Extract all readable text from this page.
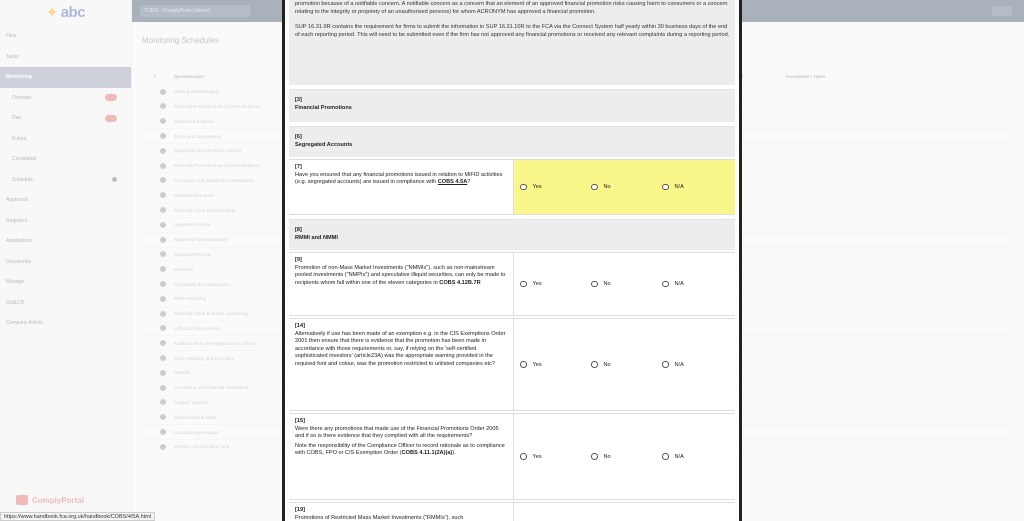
promotion because of a notifiable concern. A notifiable concern as a concern that an element of an approved financial promotion risks causing harm to consumers or a concern relating to the integrity or propriety of an unauthorised persons) for whom ACRONYM has approved a financial promotion.

SUP 16.31.9R contains the requirement for firms to submit the information in SUP 16.31.10R to the FCA via the Connect System half yearly within 30 business days of the end of each reporting period. This will need to be submitted even if the firm has not approved any financial promotions or received any relevant complaints during a reporting period.

[3]
Financial Promotions
[6]
Segregated Accounts
[7]
Have you ensured that any financial promotions issued in relation to MiFID activities (e.g. segregated accounts) are issued in compliance with COBS 4.5A?
Yes	No	N/A
[8]
RMMI and NMMI
[9]
Promotion of non-Mass Market Investments ("NMMIs"), such as non-mainstream pooled investments ("NMPIs") and speculative illiquid securities, can only be made to recipients whom fall within one of the eleven categories in COBS 4.12B.7R	Yes	No	N/A
[14]
Alternatively if use has been made of an exemption e.g. in the CIS Exemptions Order 2001 then ensure that there is evidence that the promotion has been made in accordance with those requirements or, say, if relying on the 'self-certified sophisticated investors' (article23A) was the appropriate warning provided in the required font and colour, was the promotion restricted to unlisted companies etc?	Yes	No	N/A
[15]
Were there any promotions that made use of the Financial Promotions Order 2005 and if so is there evidence that they complied with all the requirements?
Note the responsibility of the Compliance Officer to record rationale as to compliance with COBS, FPO or CIS Exemption Order (COBS 4.11.1(2A)(a)).
Yes	No	N/A
[19]
Promotions of Restricted Mass Market Investments ("RMMIs"), such
https://www.handbook.fca.org.uk/handbook/COBS/4/5A.html
